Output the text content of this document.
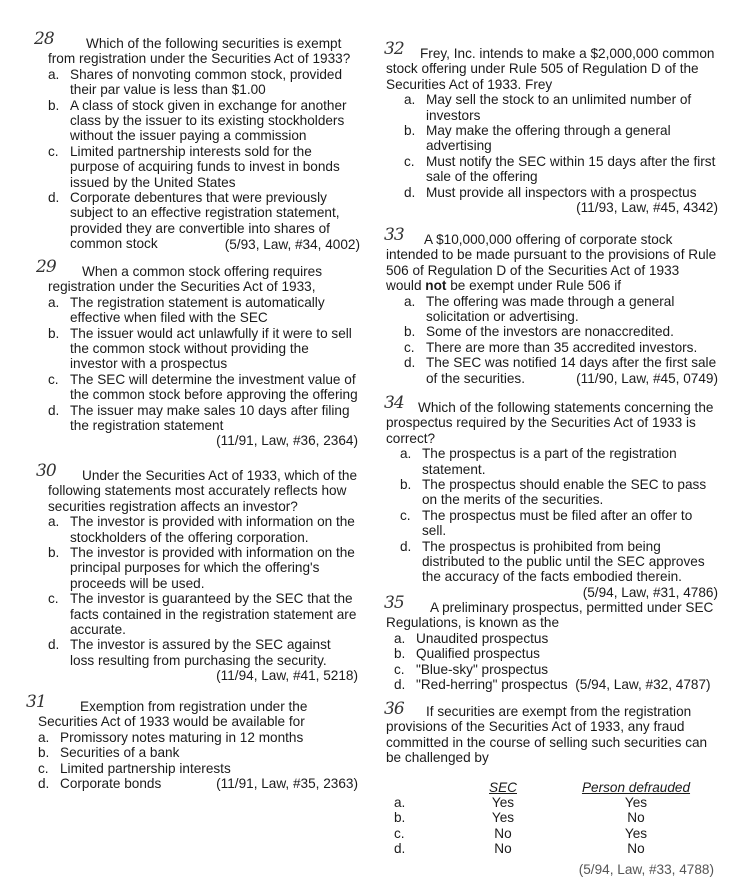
28 Which of the following securities is exempt from registration under the Securities Act of 1933?

a. Shares of nonvoting common stock, provided their par value is less than $1.00
b. A class of stock given in exchange for another class by the issuer to its existing stockholders without the issuer paying a commission
c. Limited partnership interests sold for the purpose of acquiring funds to invest in bonds issued by the United States
d. Corporate debentures that were previously subject to an effective registration statement, provided they are convertible into shares of common stock	(5/93, Law, #34, 4002)

29 When a common stock offering requires registration under the Securities Act of 1933,

a. The registration statement is automatically effective when filed with the SEC
b. The issuer would act unlawfully if it were to sell the common stock without providing the investor with a prospectus
c. The SEC will determine the investment value of the common stock before approving the offering
d. The issuer may make sales 10 days after filing the registration statement
(11/91, Law, #36, 2364)

30 Under the Securities Act of 1933, which of the following statements most accurately reflects how securities registration affects an investor?

a. The investor is provided with information on the stockholders of the offering corporation.
b. The investor is provided with information on the principal purposes for which the offering's proceeds will be used.
c. The investor is guaranteed by the SEC that the facts contained in the registration statement are accurate.
d. The investor is assured by the SEC against loss resulting from purchasing the security.
(11/94, Law, #41, 5218)

31	Exemption from registration under the Securities Act of 1933 would be available for

a. Promissory notes maturing in 12 months
b. Securities of a bank
c. Limited partnership interests
d. Corporate bonds	(11/91, Law, #35, 2363)

32 Frey, Inc. intends to make a $2,000,000 common stock offering under Rule 505 of Regulation D of the Securities Act of 1933. Frey

a. May sell the stock to an unlimited number of investors
b. May make the offering through a general advertising
c. Must notify the SEC within 15 days after the first sale of the offering
d. Must provide all inspectors with a prospectus
(11/93, Law, #45, 4342)

33 A $10,000,000 offering of corporate stock intended to be made pursuant to the provisions of Rule 506 of Regulation D of the Securities Act of 1933 would not be exempt under Rule 506 if

a. The offering was made through a general solicitation or advertising.
b. Some of the investors are nonaccredited.
c. There are more than 35 accredited investors.
d. The SEC was notified 14 days after the first sale of the securities.	(11/90, Law, #45, 0749)

34 Which of the following statements concerning the prospectus required by the Securities Act of 1933 is correct?

a. The prospectus is a part of the registration statement.
b. The prospectus should enable the SEC to pass on the merits of the securities.
c. The prospectus must be filed after an offer to sell.
d. The prospectus is prohibited from being distributed to the public until the SEC approves the accuracy of the facts embodied therein.
(5/94, Law, #31, 4786)

35 A preliminary prospectus, permitted under SEC Regulations, is known as the

a. Unaudited prospectus
b. Qualified prospectus
c. "Blue-sky" prospectus
d. "Red-herring" prospectus (5/94, Law, #32, 4787)

36 If securities are exempt from the registration provisions of the Securities Act of 1933, any fraud committed in the course of selling such securities can be challenged by

	SEC	Person defrauded
a.	Yes	Yes
b.	Yes	No
c.	No	Yes
d.	No	No
(5/94, Law, #33, 4788)
